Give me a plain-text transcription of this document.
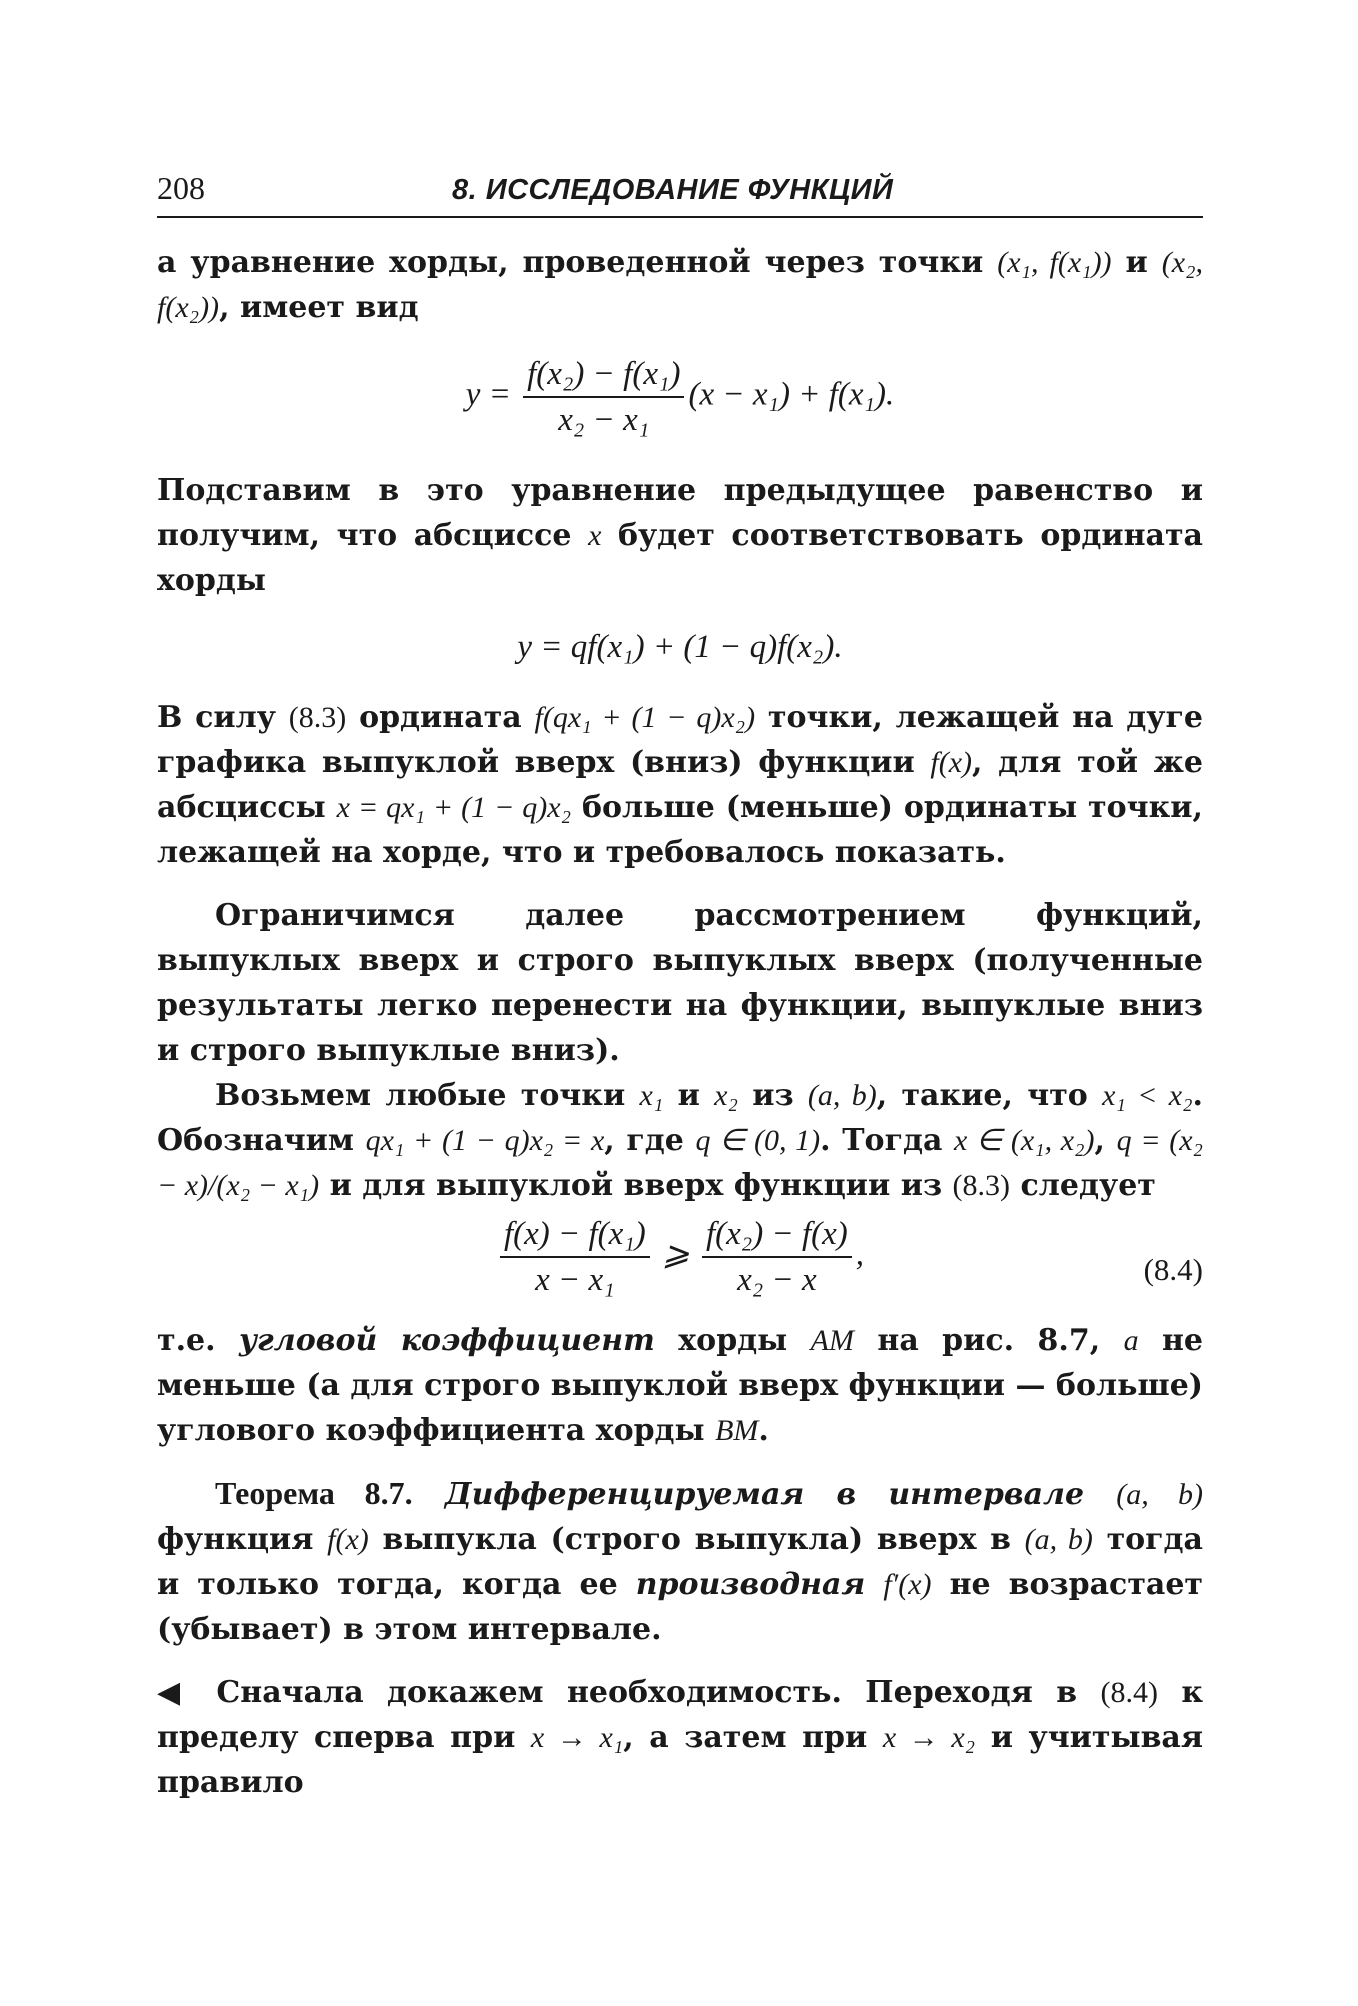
208	8. ИССЛЕДОВАНИЕ ФУНКЦИЙ

а уравнение хорды, проведенной через точки (x₁, f(x₁)) и (x₂, f(x₂)), имеет вид

$y = \frac{\text{f(x₂) − f(x₁)}}{\text{x₂ − x₁}} (x - x_1) + f(x_1)$.

Подставим в это уравнение предыдущее равенство и получим, что абсциссе x будет соответствовать ордината хорды

y = qf(x₁) + (1 − q)f(x₂).

В силу (8.3) ордината f(qx₁ + (1 − q)x₂) точки, лежащей на дуге графика выпуклой вверх (вниз) функции f(x), для той же абсциссы x = qx₁ + (1 − q)x₂ больше (меньше) ординаты точки, лежащей на хорде, что и требовалось показать.

Ограничимся далее рассмотрением функций, выпуклых вверх и строго выпуклых вверх (полученные результаты легко перенести на функции, выпуклые вниз и строго выпуклые вниз).

Возьмем любые точки x₁ и x₂ из (a, b), такие, что x₁ < x₂. Обозначим qx₁ + (1 − q)x₂ = x, где q ∈ (0, 1). Тогда x ∈ (x₁, x₂), q = (x₂ − x)/(x₂ − x₁) и для выпуклой вверх функции из (8.3) следует

$\frac{\text{f(x) − f(x₁)}}{\text{x − x₁}}$ ⩾ $\frac{\text{f(x₂) − f(x)}}{\text{x₂ − x}}$ ,	(8.4)

т.е. угловой коэффициент хорды AM на рис. 8.7, a не меньше (а для строго выпуклой вверх функции — больше) углового коэффициента хорды BM.

Теорема 8.7. Дифференцируемая в интервале (a, b) функция f(x) выпукла (строго выпукла) вверх в (a, b) тогда и только тогда, когда ее производная f′(x) не возрастает (убывает) в этом интервале.

◀ Сначала докажем необходимость. Переходя в (8.4) к пределу сперва при x → x₁, а затем при x → x₂ и учитывая правило
